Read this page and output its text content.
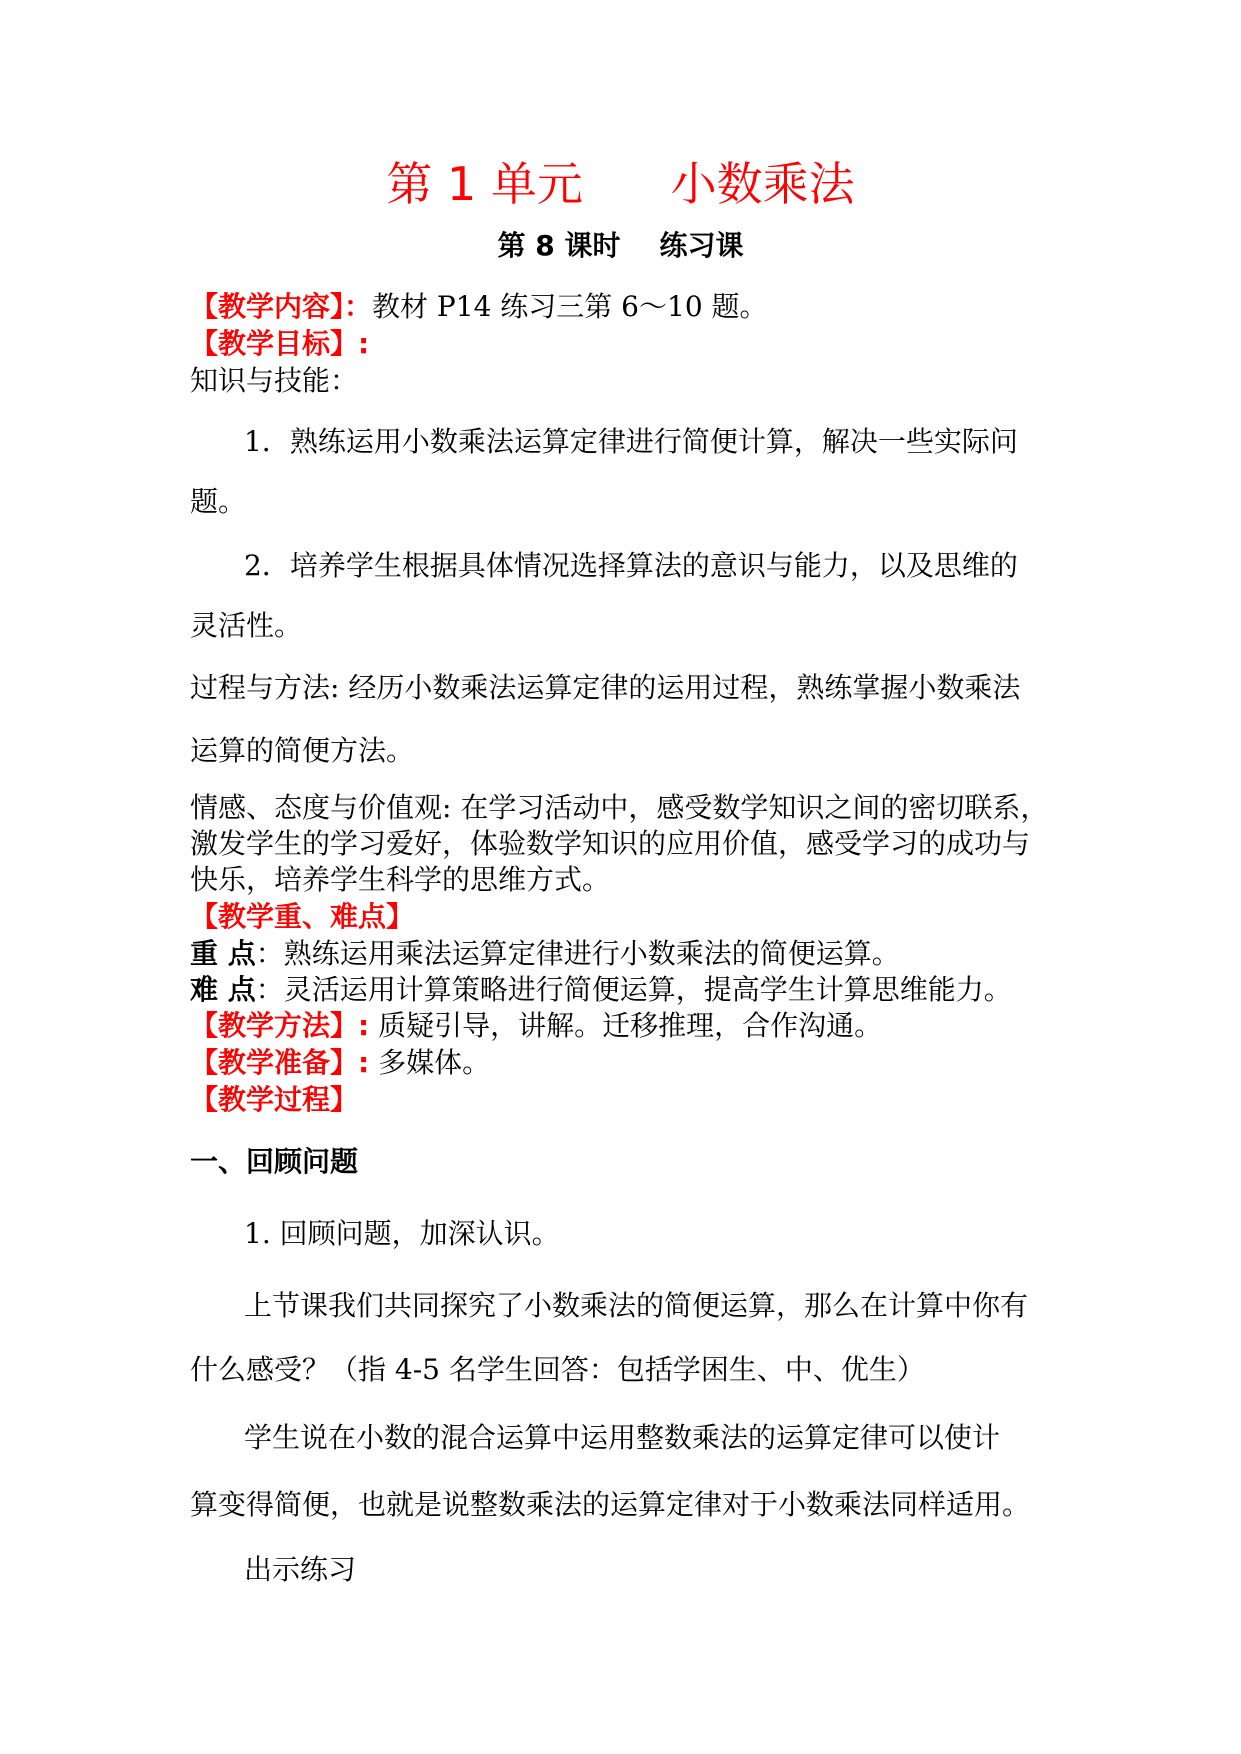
第 1 单元      小数乘法
第 8 课时    练习课
【教学内容】：教材 P14 练习三第 6～10 题。
【教学目标】:
知识与技能：
1．熟练运用小数乘法运算定律进行简便计算，解决一些实际问
题。
2．培养学生根据具体情况选择算法的意识与能力，以及思维的
灵活性。
过程与方法: 经历小数乘法运算定律的运用过程，熟练掌握小数乘法
运算的简便方法。
情感、态度与价值观: 在学习活动中，感受数学知识之间的密切联系，
激发学生的学习爱好，体验数学知识的应用价值，感受学习的成功与
快乐，培养学生科学的思维方式。
【教学重、难点】
重 点：熟练运用乘法运算定律进行小数乘法的简便运算。
难 点：灵活运用计算策略进行简便运算，提高学生计算思维能力。
【教学方法】: 质疑引导，讲解。迁移推理，合作沟通。
【教学准备】: 多媒体。
【教学过程】
一、回顾问题
1. 回顾问题，加深认识。
上节课我们共同探究了小数乘法的简便运算，那么在计算中你有
什么感受？（指 4-5 名学生回答：包括学困生、中、优生）
学生说在小数的混合运算中运用整数乘法的运算定律可以使计
算变得简便，也就是说整数乘法的运算定律对于小数乘法同样适用。
出示练习
